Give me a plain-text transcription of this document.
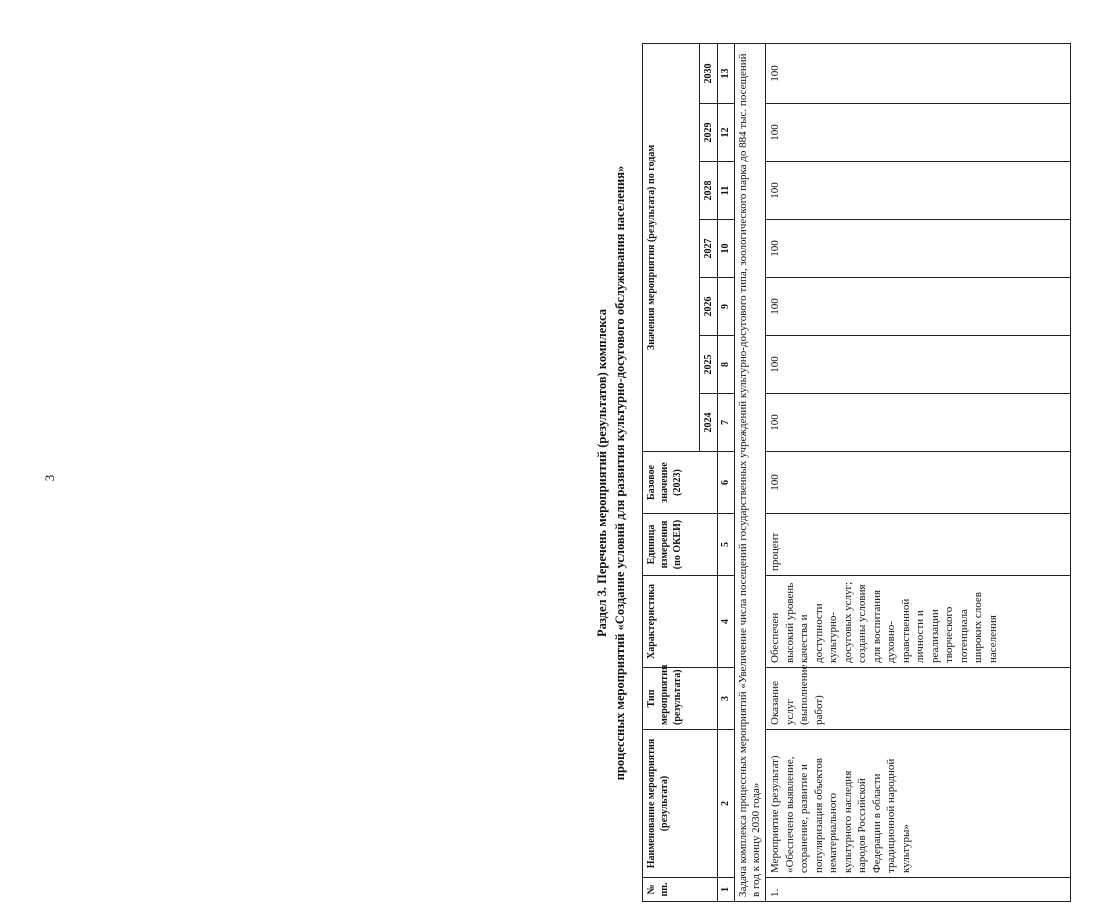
3	Раздел 3. Перечень мероприятий (результатов) комплекса процессных мероприятий «Создание условий для развития культурно-досугового обслуживания населения»
№ пп.	Наименование мероприятия (результата)	Тип мероприятия (результата)	Характеристика	Единица измерения (по ОКЕИ)	Базовое значение (2023)	Значения мероприятия (результата) по годам						
						2024	2025	2026	2027	2028	2029	2030
1	2	3	4	5	6	7	8	9	10	11	12	13
Задача комплекса процессных мероприятий «Увеличение числа посещений государственных учреждений культурно-досугового типа, зоологического парка до 884 тыс. посещений в год к концу 2030 года»												
1.	Мероприятие (результат) «Обеспечено выявление, сохранение, развитие и популяризация объектов нематериального культурного наследия народов Российской Федерации в области традиционной народной культуры»	Оказание услуг (выполнение работ)	Обеспечен высокий уровень качества и доступности культурно-досуговых услуг; созданы условия для воспитания духовно-нравственной личности и реализации творческого потенциала широких слоев населения	процент	100	100	100	100	100	100	100	100
